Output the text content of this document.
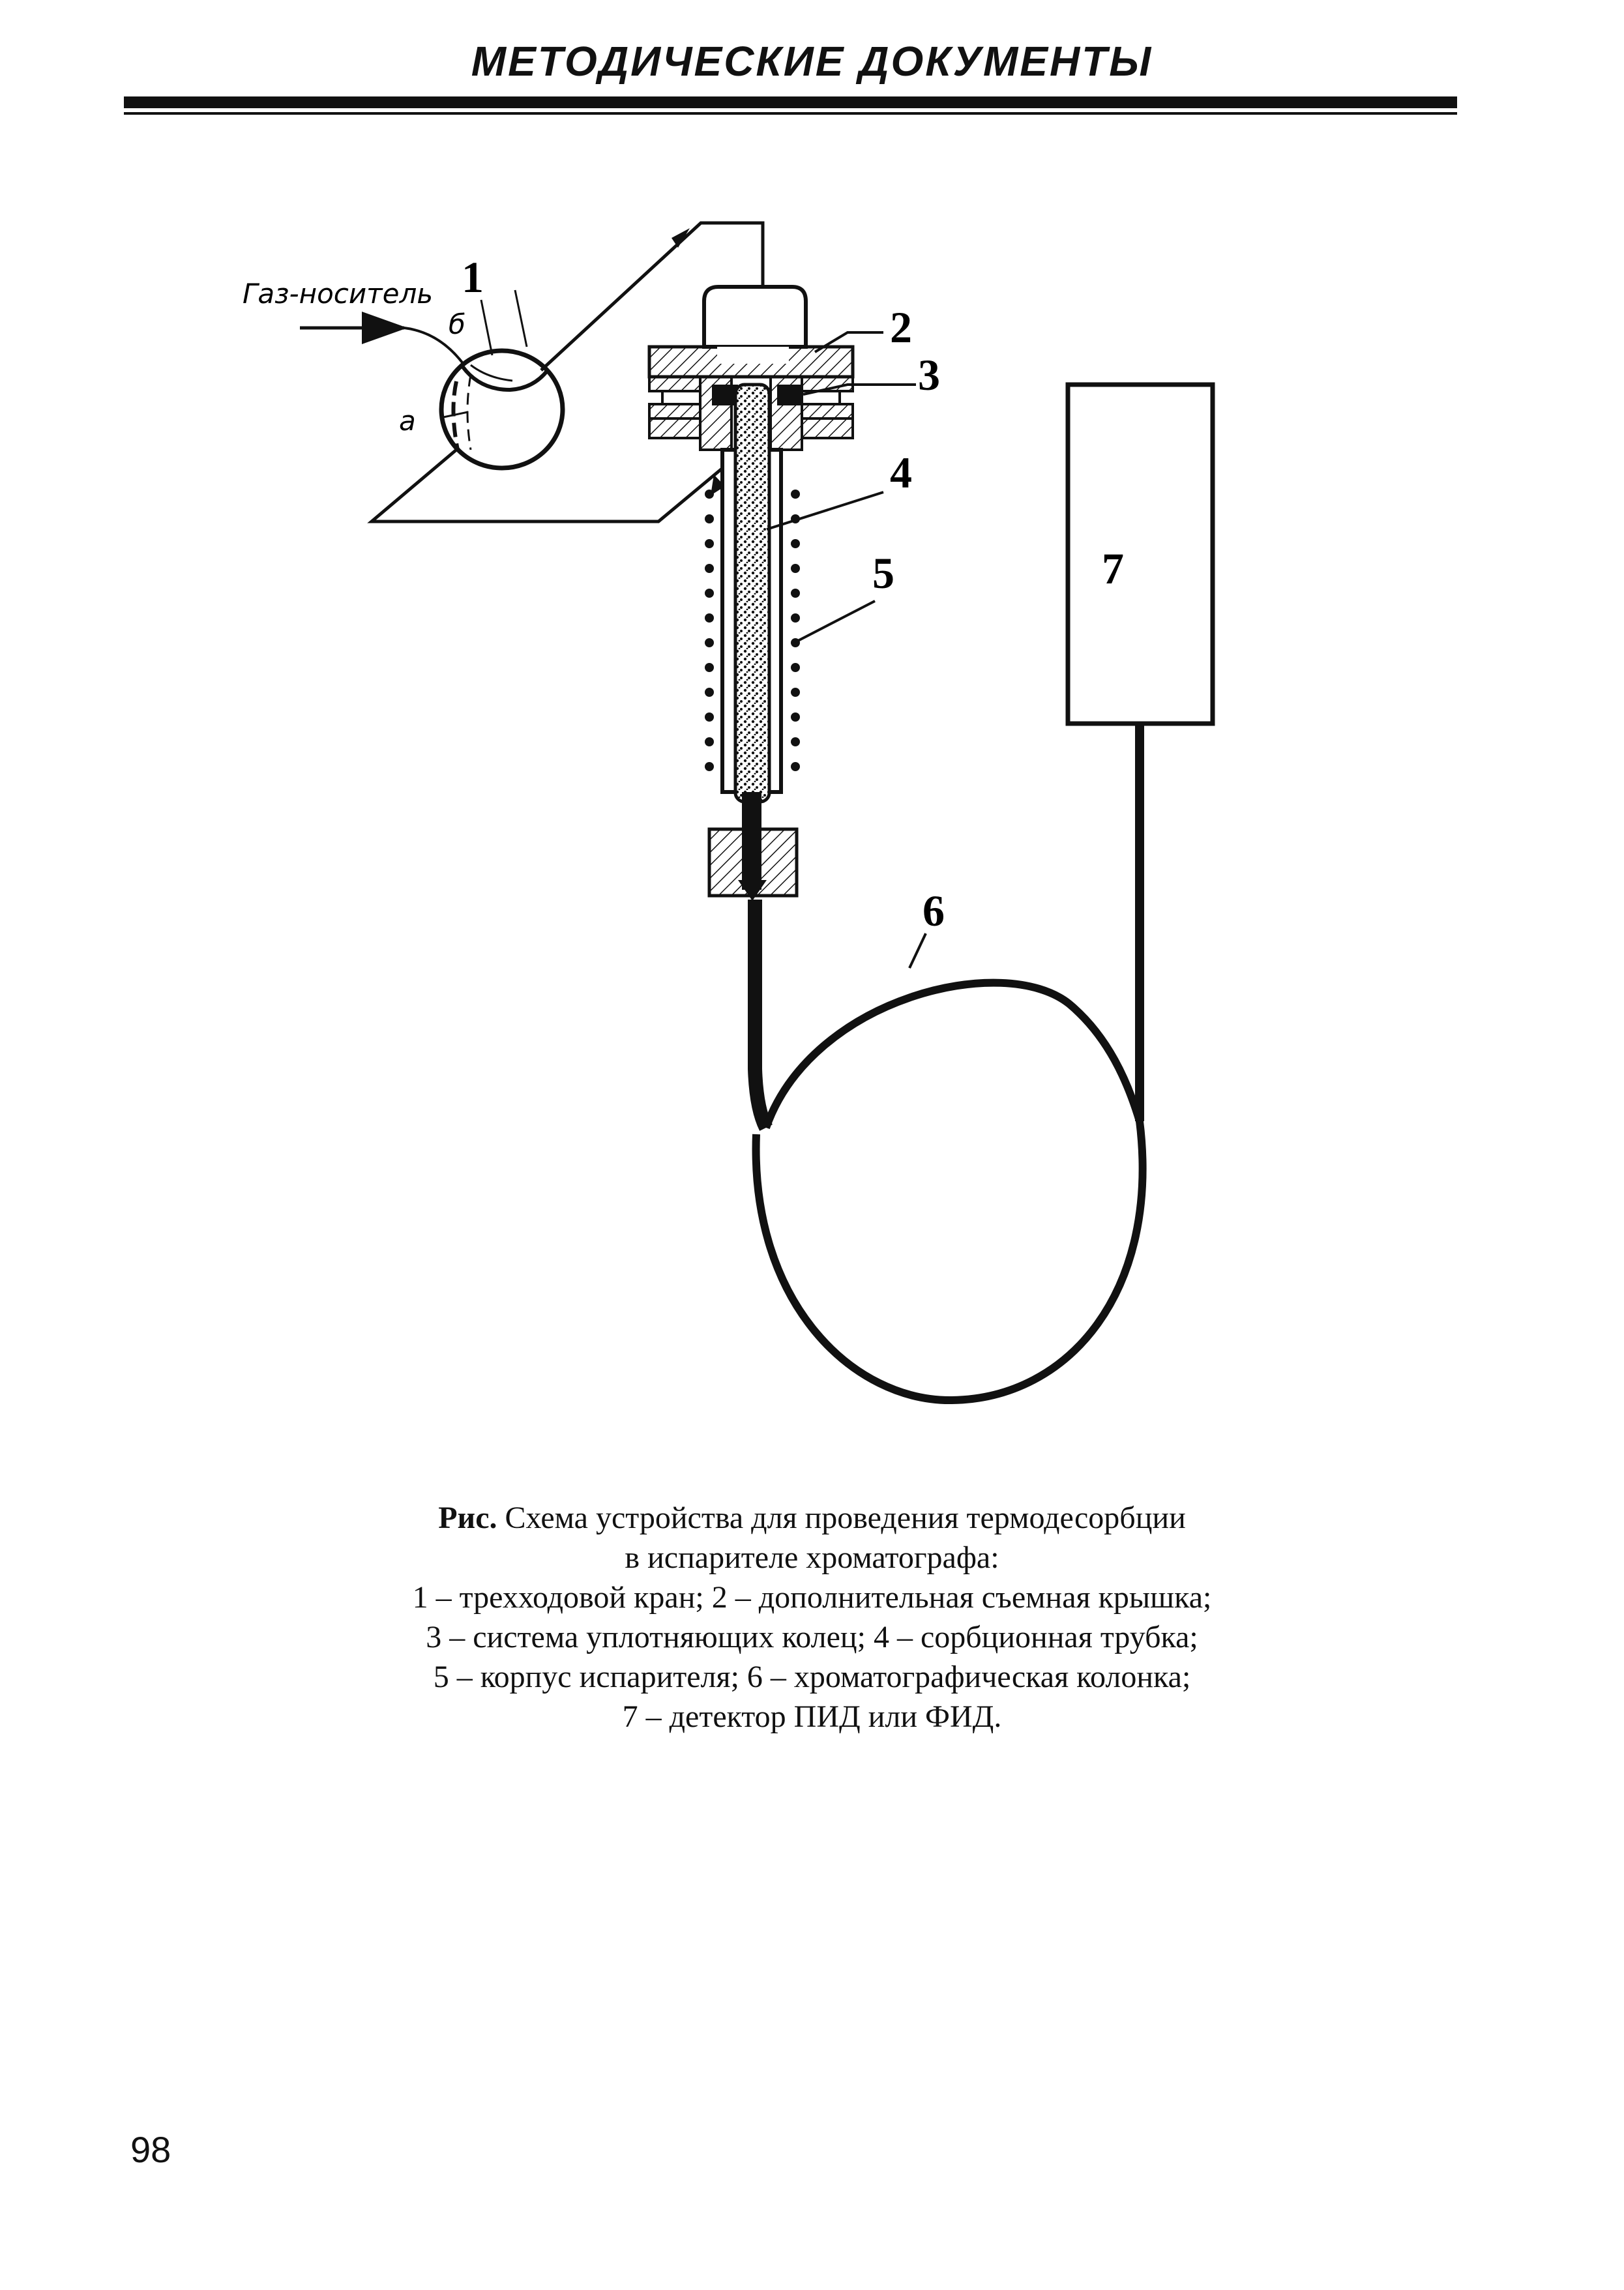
МЕТОДИЧЕСКИЕ ДОКУМЕНТЫ
Газ-носитель 1
б
а
2
3
4
5
6
7
Рис. Схема устройства для проведения термодесорбции
в испарителе хроматографа:
1 – трехходовой кран; 2 – дополнительная съемная крышка;
3 – система уплотняющих колец; 4 – сорбционная трубка;
5 – корпус испарителя; 6 – хроматографическая колонка;
7 – детектор ПИД или ФИД.
98
